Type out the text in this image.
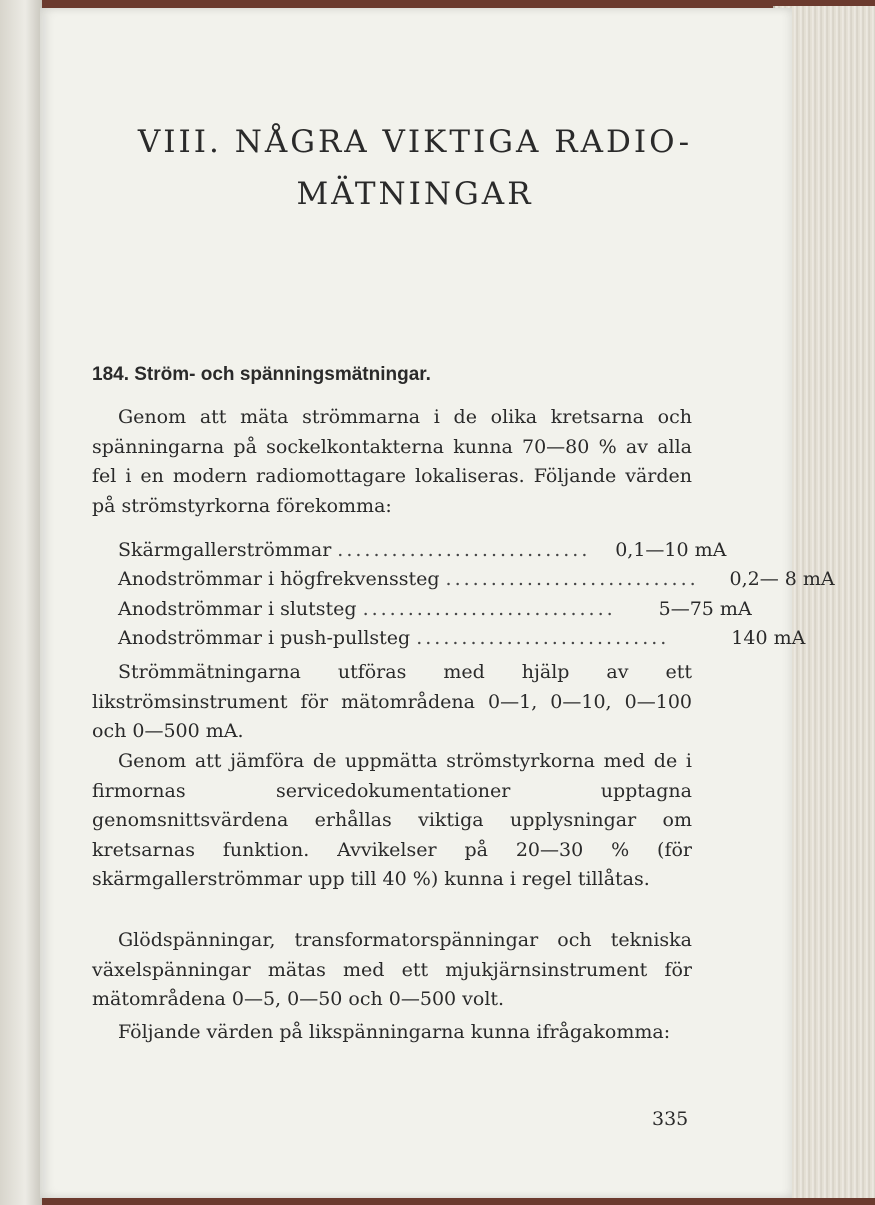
VIII. NÅGRA VIKTIGA RADIO-
MÄTNINGAR
184. Ström- och spänningsmätningar.

Genom att mäta strömmarna i de olika kretsarna och spänningarna på sockelkontakterna kunna 70—80 % av alla fel i en modern radiomottagare lokaliseras. Följande värden på strömstyrkorna förekomma:

Skärmgallerströmmar ............................	0,1—10 mA
Anodströmmar i högfrekvenssteg ............................	0,2— 8 mA
Anodströmmar i slutsteg ............................	5—75 mA
Anodströmmar i push-pullsteg ............................	140 mA

Strömmätningarna utföras med hjälp av ett likströmsinstrument för mätområdena 0—1, 0—10, 0—100 och 0—500 mA.

Genom att jämföra de uppmätta strömstyrkorna med de i firmornas servicedokumentationer upptagna genomsnittsvärdena erhållas viktiga upplysningar om kretsarnas funktion. Avvikelser på 20—30 % (för skärmgallerströmmar upp till 40 %) kunna i regel tillåtas.

Glödspänningar, transformatorspänningar och tekniska växelspänningar mätas med ett mjukjärnsinstrument för mätområdena 0—5, 0—50 och 0—500 volt.

Följande värden på likspänningarna kunna ifrågakomma:

335
